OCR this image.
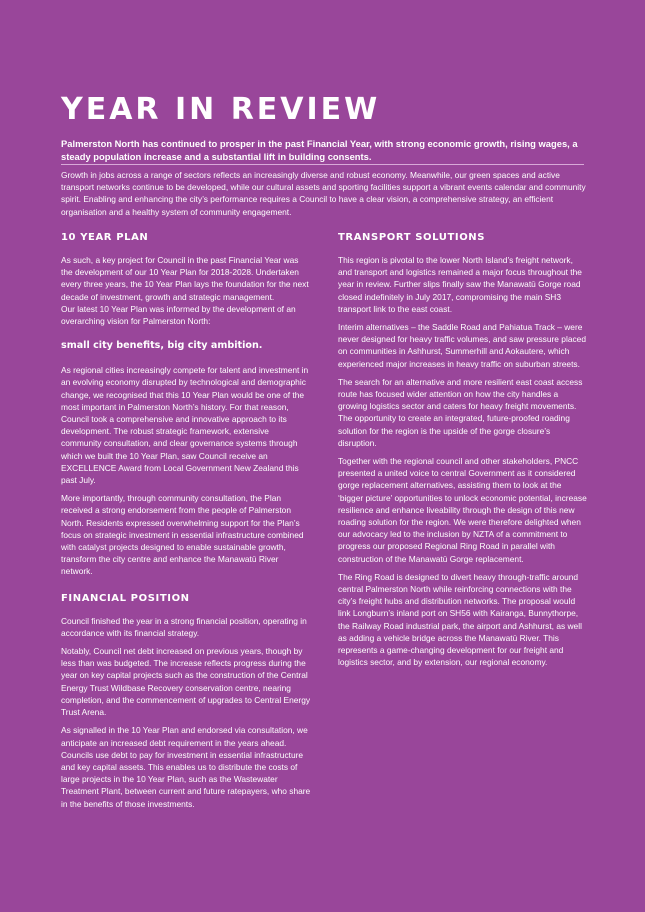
YEAR IN REVIEW

Palmerston North has continued to prosper in the past Financial Year, with strong economic growth, rising wages, a steady population increase and a substantial lift in building consents.

Growth in jobs across a range of sectors reflects an increasingly diverse and robust economy. Meanwhile, our green spaces and active transport networks continue to be developed, while our cultural assets and sporting facilities support a vibrant events calendar and community spirit. Enabling and enhancing the city’s performance requires a Council to have a clear vision, a comprehensive strategy, an efficient organisation and a healthy system of community engagement.

10 YEAR PLAN

As such, a key project for Council in the past Financial Year was the development of our 10 Year Plan for 2018-2028. Undertaken every three years, the 10 Year Plan lays the foundation for the next decade of investment, growth and strategic management.

Our latest 10 Year Plan was informed by the development of an overarching vision for Palmerston North:

small city benefits, big city ambition.

As regional cities increasingly compete for talent and investment in an evolving economy disrupted by technological and demographic change, we recognised that this 10 Year Plan would be one of the most important in Palmerston North’s history. For that reason, Council took a comprehensive and innovative approach to its development. The robust strategic framework, extensive community consultation, and clear governance systems through which we built the 10 Year Plan, saw Council receive an EXCELLENCE Award from Local Government New Zealand this past July.

More importantly, through community consultation, the Plan received a strong endorsement from the people of Palmerston North. Residents expressed overwhelming support for the Plan’s focus on strategic investment in essential infrastructure combined with catalyst projects designed to enable sustainable growth, transform the city centre and enhance the Manawatū River network.

FINANCIAL POSITION

Council finished the year in a strong financial position, operating in accordance with its financial strategy.

Notably, Council net debt increased on previous years, though by less than was budgeted. The increase reflects progress during the year on key capital projects such as the construction of the Central Energy Trust Wildbase Recovery conservation centre, nearing completion, and the commencement of upgrades to Central Energy Trust Arena.

As signalled in the 10 Year Plan and endorsed via consultation, we anticipate an increased debt requirement in the years ahead. Councils use debt to pay for investment in essential infrastructure and key capital assets. This enables us to distribute the costs of large projects in the 10 Year Plan, such as the Wastewater Treatment Plant, between current and future ratepayers, who share in the benefits of those investments.

TRANSPORT SOLUTIONS

This region is pivotal to the lower North Island’s freight network, and transport and logistics remained a major focus throughout the year in review. Further slips finally saw the Manawatū Gorge road closed indefinitely in July 2017, compromising the main SH3 transport link to the east coast.

Interim alternatives – the Saddle Road and Pahiatua Track – were never designed for heavy traffic volumes, and saw pressure placed on communities in Ashhurst, Summerhill and Aokautere, which experienced major increases in heavy traffic on suburban streets.

The search for an alternative and more resilient east coast access route has focused wider attention on how the city handles a growing logistics sector and caters for heavy freight movements. The opportunity to create an integrated, future-proofed roading solution for the region is the upside of the gorge closure’s disruption.

Together with the regional council and other stakeholders, PNCC presented a united voice to central Government as it considered gorge replacement alternatives, assisting them to look at the ‘bigger picture’ opportunities to unlock economic potential, increase resilience and enhance liveability through the design of this new roading solution for the region. We were therefore delighted when our advocacy led to the inclusion by NZTA of a commitment to progress our proposed Regional Ring Road in parallel with construction of the Manawatū Gorge replacement.

The Ring Road is designed to divert heavy through-traffic around central Palmerston North while reinforcing connections with the city’s freight hubs and distribution networks. The proposal would link Longburn’s inland port on SH56 with Kairanga, Bunnythorpe, the Railway Road industrial park, the airport and Ashhurst, as well as adding a vehicle bridge across the Manawatū River. This represents a game-changing development for our freight and logistics sector, and by extension, our regional economy.
